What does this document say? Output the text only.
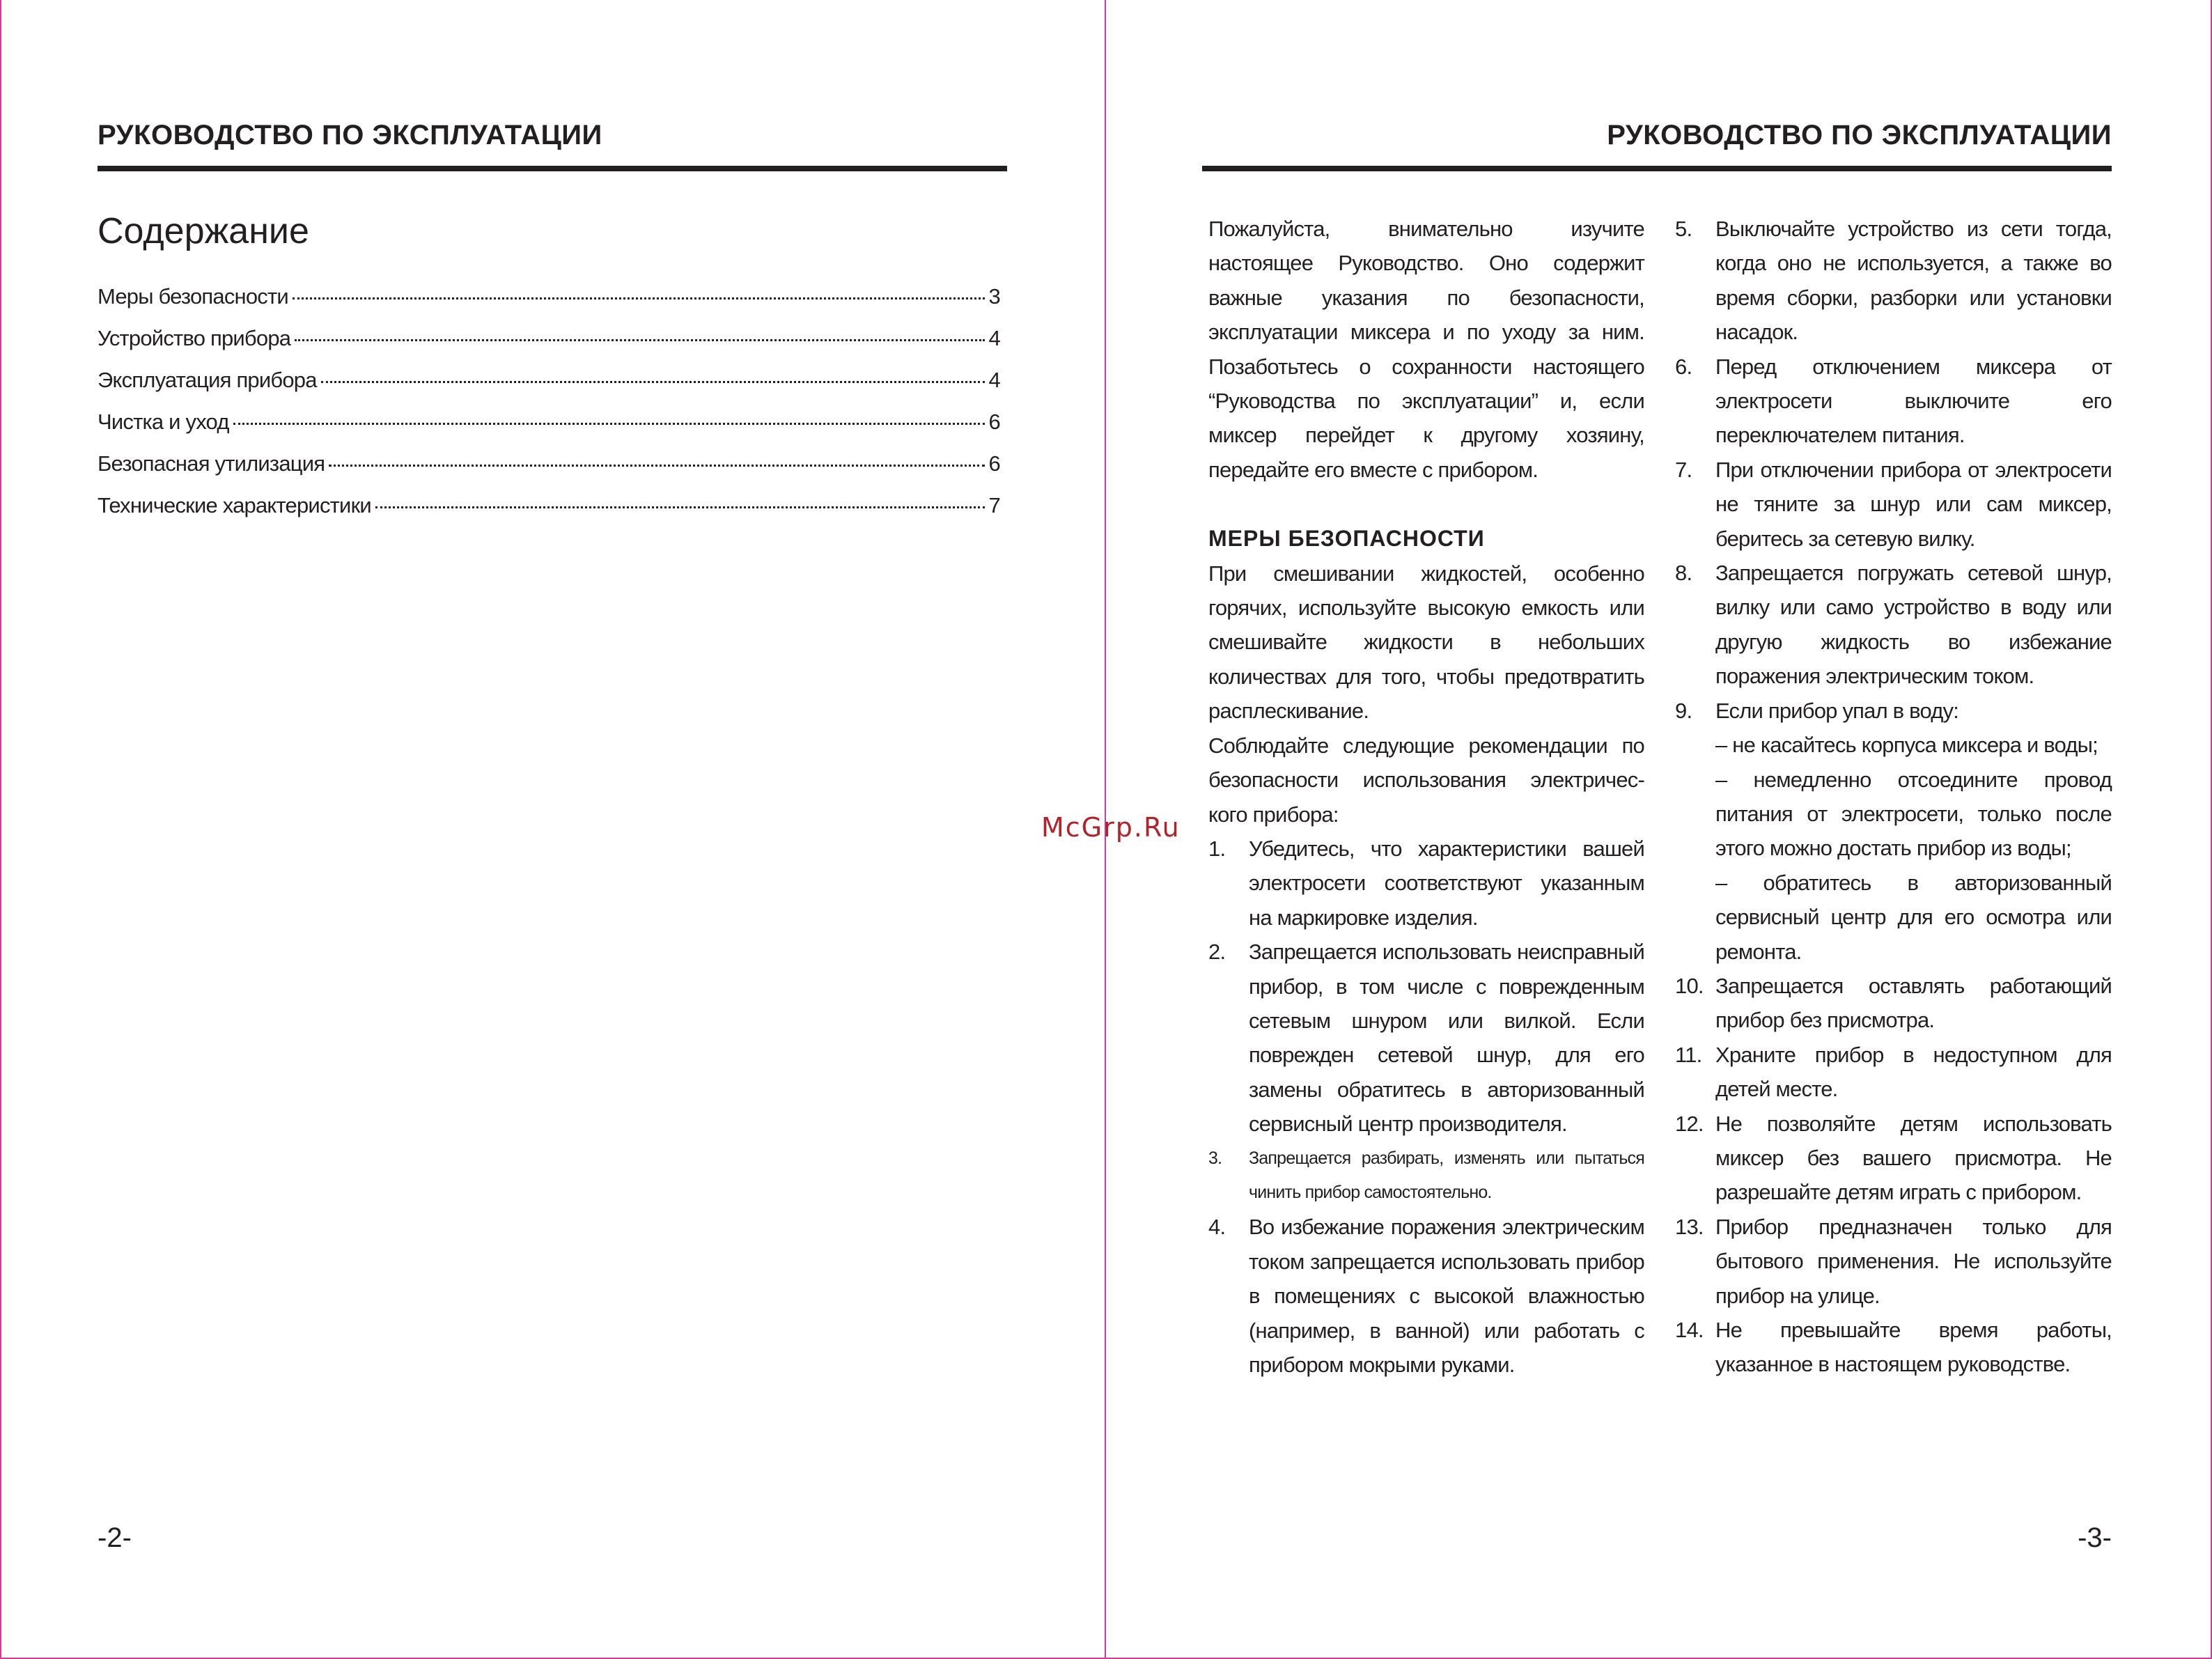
РУКОВОДСТВО ПО ЭКСПЛУАТАЦИИ
Содержание
Меры безопасности	3
Устройство прибора	4
Эксплуатация прибора	4
Чистка и уход	6
Безопасная утилизация	6
Технические характеристики	7
-2-
McGrp.Ru
РУКОВОДСТВО ПО ЭКСПЛУАТАЦИИ

Пожалуйста, внимательно изучите настоящее Руководство. Оно содержит важные указания по безопасности, эксплуатации миксера и по уходу за ним. Позаботьтесь о сохранности настоящего “Руководства по эксплуатации” и, если миксер перейдет к другому хозяину, передайте его вместе с прибором.

МЕРЫ БЕЗОПАСНОСТИ

При смешивании жидкостей, особенно горячих, используйте высокую емкость или смешивайте жидкости в небольших количествах для того, чтобы предотвратить расплескивание.

Соблюдайте следующие рекомендации по безопасности использования электричес-кого прибора:

1.	Убедитесь, что характеристики вашей электросети соответствуют указанным на маркировке изделия.
2.	Запрещается использовать неисправный прибор, в том числе с поврежденным сетевым шнуром или вилкой. Если поврежден сетевой шнур, для его замены обратитесь в авторизованный сервисный центр производителя.
3.	Запрещается разбирать, изменять или пытаться чинить прибор самостоятельно.
4.	Во избежание поражения электрическим током запрещается использовать прибор в помещениях с высокой влажностью (например, в ванной) или работать с прибором мокрыми руками.
5.	Выключайте устройство из сети тогда, когда оно не используется, а также во время сборки, разборки или установки насадок.
6.	Перед отключением миксера от электросети выключите его переключателем питания.
7.	При отключении прибора от электросети не тяните за шнур или сам миксер, беритесь за сетевую вилку.
8.	Запрещается погружать сетевой шнур, вилку или само устройство в воду или другую жидкость во избежание поражения электрическим током.
9.	Если прибор упал в воду:
– не касайтесь корпуса миксера и воды;
– немедленно отсоедините провод питания от электросети, только после этого можно достать прибор из воды;
– обратитесь в авторизованный сервисный центр для его осмотра или ремонта.
10. Запрещается оставлять работающий прибор без присмотра.
11. Храните прибор в недоступном для детей месте.
12. Не позволяйте детям использовать миксер без вашего присмотра. Не разрешайте детям играть с прибором.
13. Прибор предназначен только для бытового применения. Не используйте прибор на улице.
14. Не превышайте время работы, указанное в настоящем руководстве.
-3-
